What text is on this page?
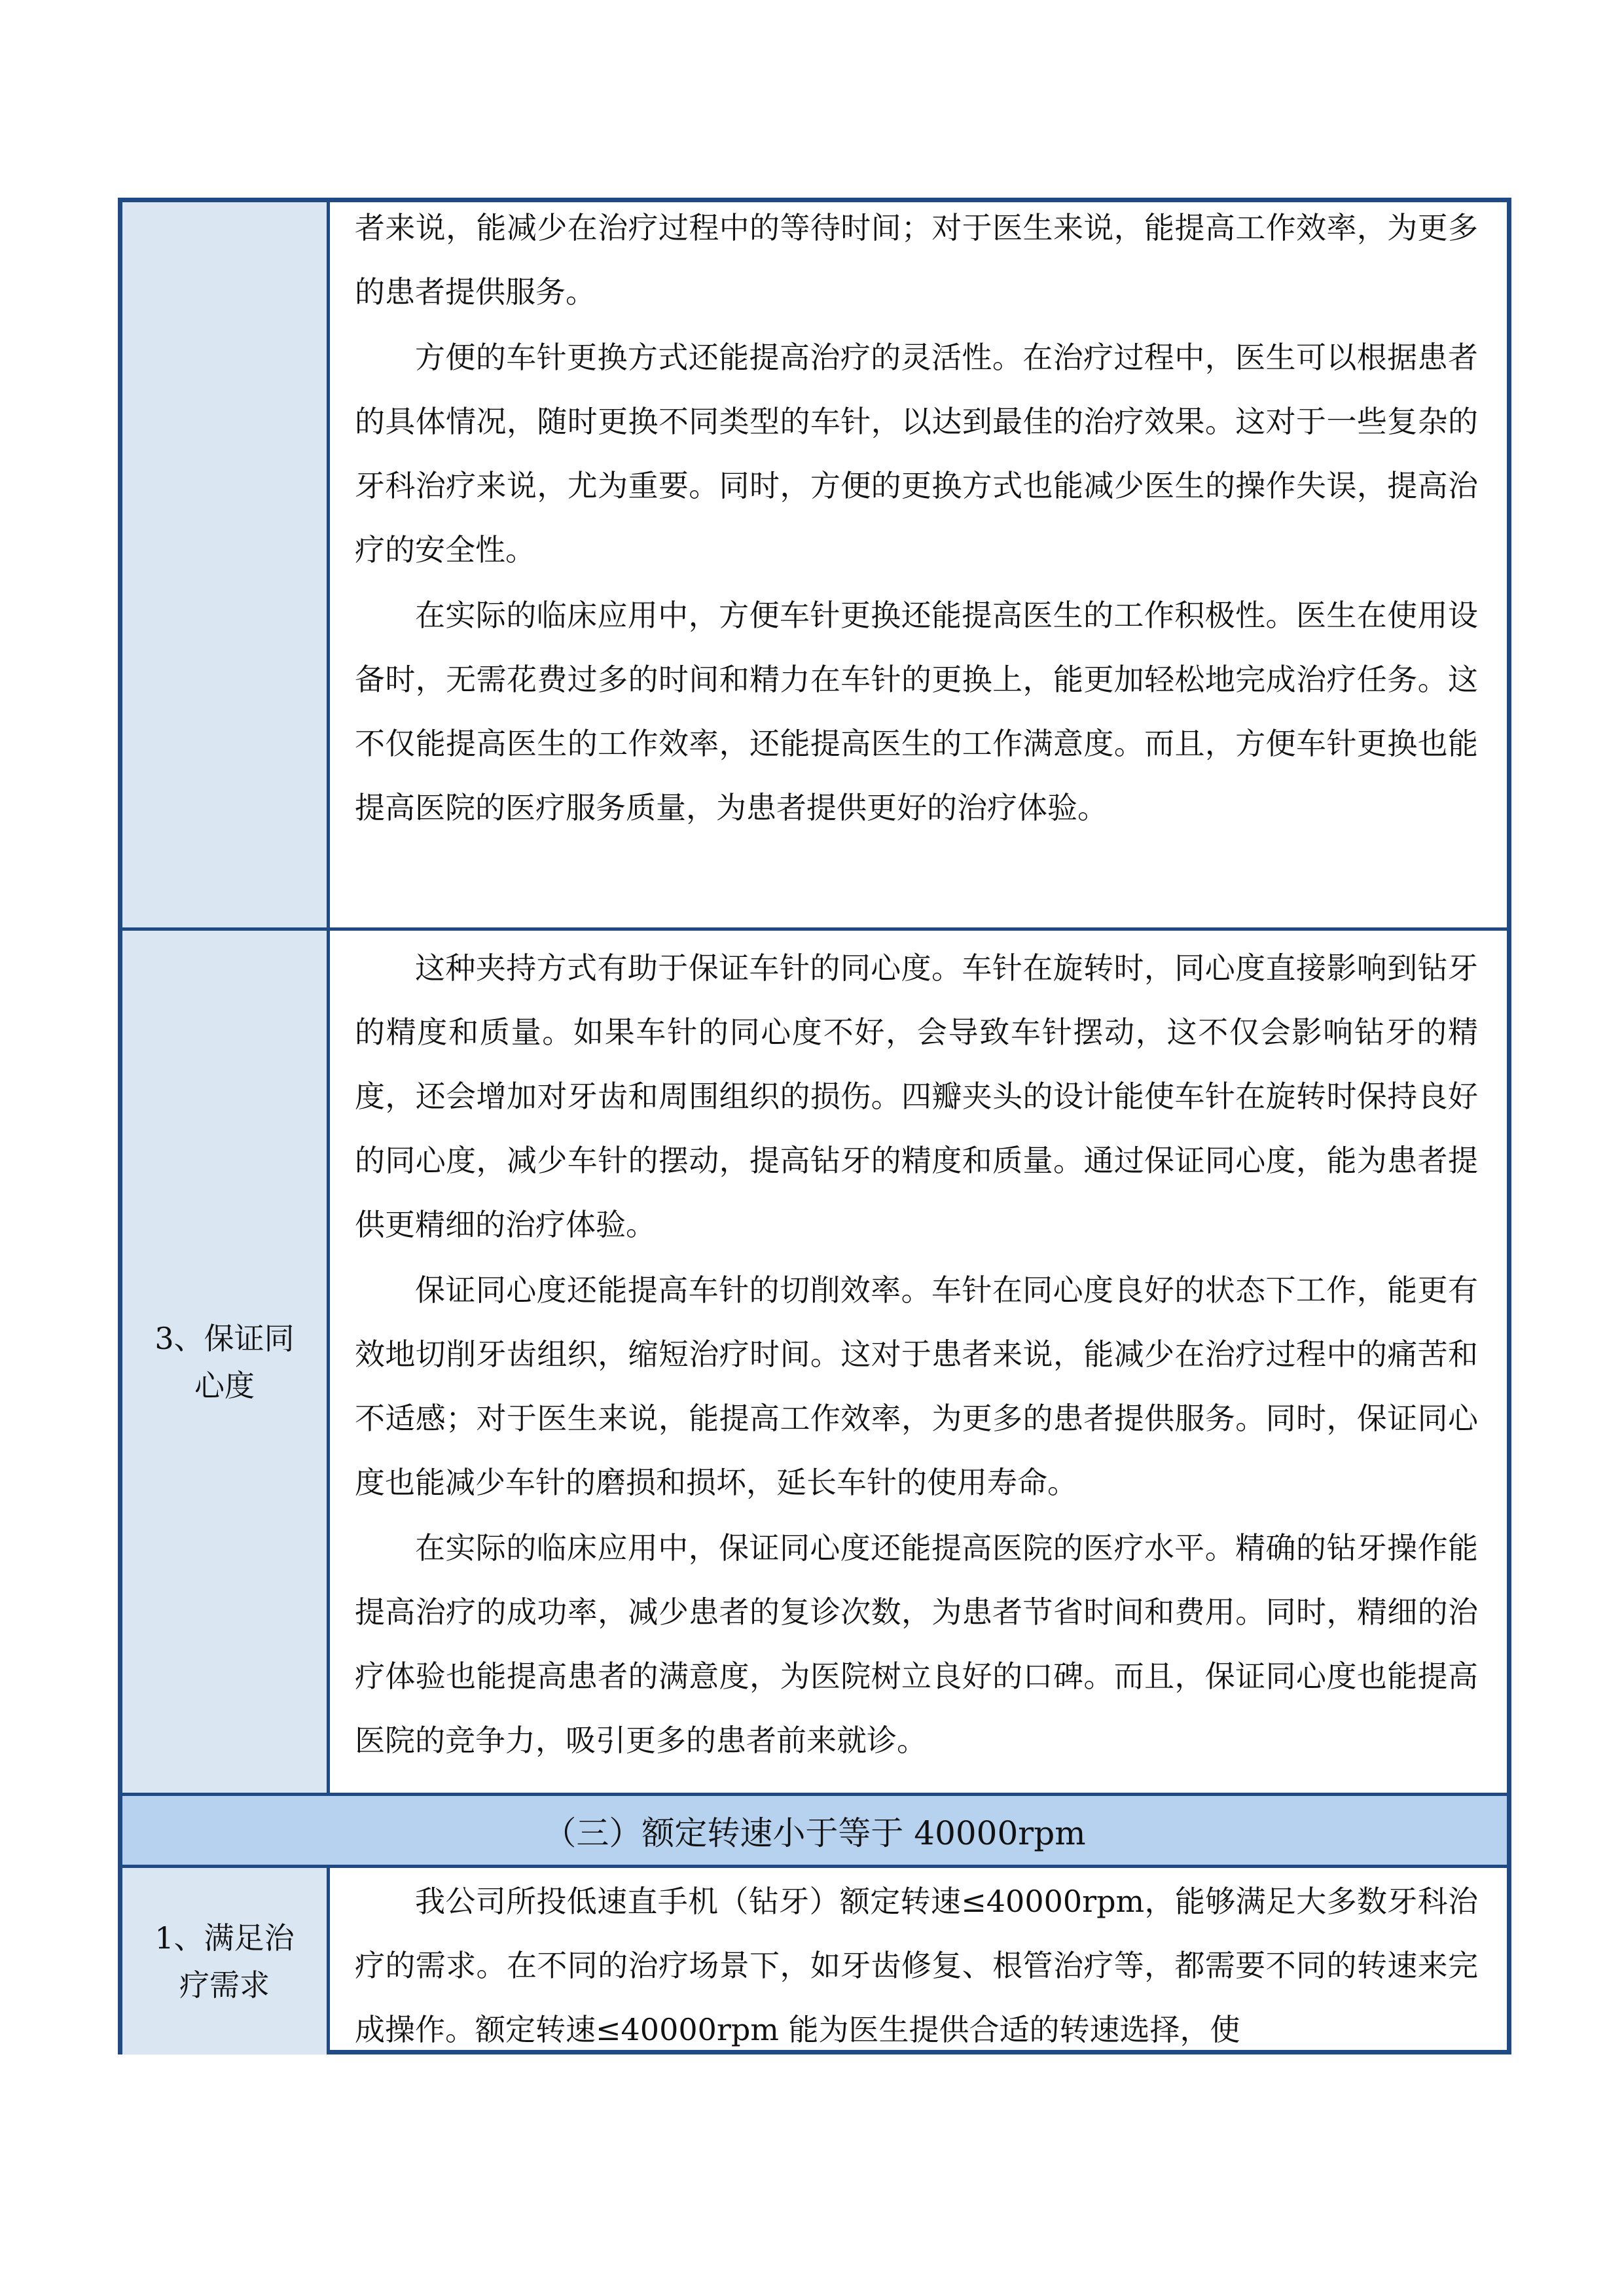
者来说，能减少在治疗过程中的等待时间；对于医生来说，能提高工作效率，为更多的患者提供服务。

方便的车针更换方式还能提高治疗的灵活性。在治疗过程中，医生可以根据患者的具体情况，随时更换不同类型的车针，以达到最佳的治疗效果。这对于一些复杂的牙科治疗来说，尤为重要。同时，方便的更换方式也能减少医生的操作失误，提高治疗的安全性。

在实际的临床应用中，方便车针更换还能提高医生的工作积极性。医生在使用设备时，无需花费过多的时间和精力在车针的更换上，能更加轻松地完成治疗任务。这不仅能提高医生的工作效率，还能提高医生的工作满意度。而且，方便车针更换也能提高医院的医疗服务质量，为患者提供更好的治疗体验。

3、保证同心度

这种夹持方式有助于保证车针的同心度。车针在旋转时，同心度直接影响到钻牙的精度和质量。如果车针的同心度不好，会导致车针摆动，这不仅会影响钻牙的精度，还会增加对牙齿和周围组织的损伤。四瓣夹头的设计能使车针在旋转时保持良好的同心度，减少车针的摆动，提高钻牙的精度和质量。通过保证同心度，能为患者提供更精细的治疗体验。

保证同心度还能提高车针的切削效率。车针在同心度良好的状态下工作，能更有效地切削牙齿组织，缩短治疗时间。这对于患者来说，能减少在治疗过程中的痛苦和不适感；对于医生来说，能提高工作效率，为更多的患者提供服务。同时，保证同心度也能减少车针的磨损和损坏，延长车针的使用寿命。

在实际的临床应用中，保证同心度还能提高医院的医疗水平。精确的钻牙操作能提高治疗的成功率，减少患者的复诊次数，为患者节省时间和费用。同时，精细的治疗体验也能提高患者的满意度，为医院树立良好的口碑。而且，保证同心度也能提高医院的竞争力，吸引更多的患者前来就诊。

（三）额定转速小于等于 40000rpm
1、满足治疗需求

我公司所投低速直手机（钻牙）额定转速≤40000rpm，能够满足大多数牙科治疗的需求。在不同的治疗场景下，如牙齿修复、根管治疗等，都需要不同的转速来完成操作。额定转速≤40000rpm 能为医生提供合适的转速选择，使
